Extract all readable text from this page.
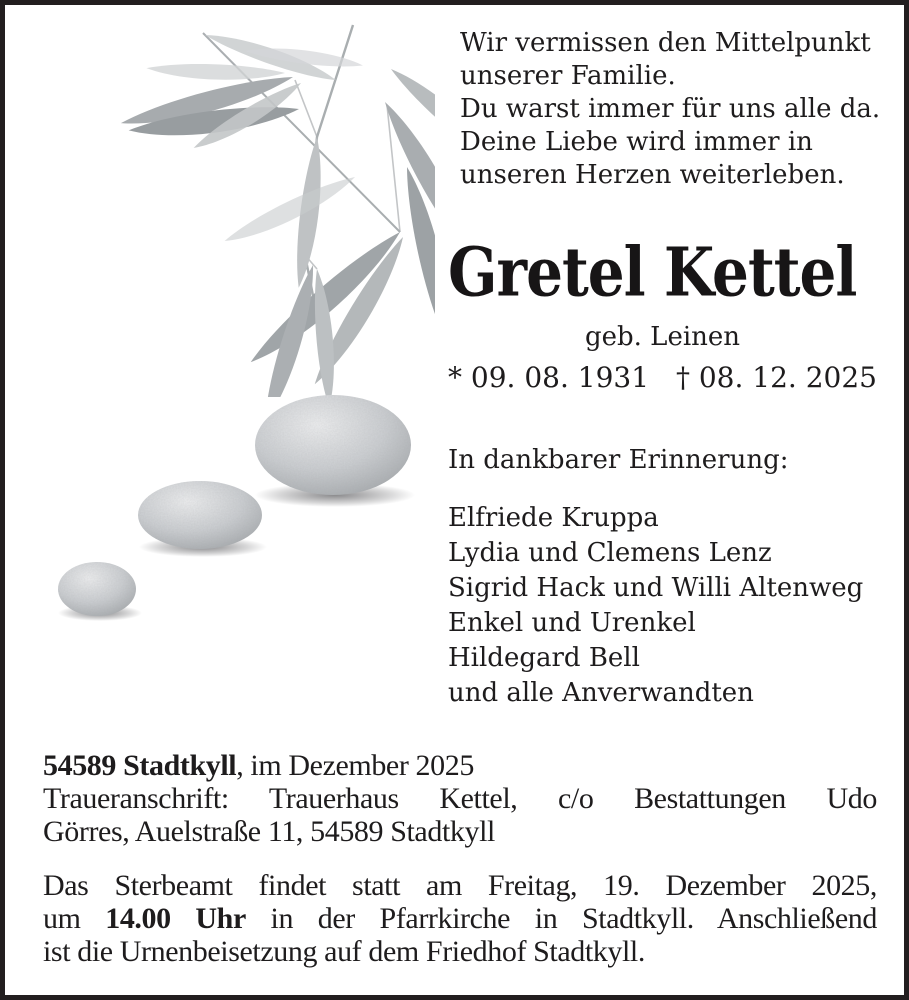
Wir vermissen den Mittelpunkt
unserer Familie.
Du warst immer für uns alle da.
Deine Liebe wird immer in
unseren Herzen weiterleben.
Gretel Kettel
geb. Leinen
* 09. 08. 1931 † 08. 12. 2025
In dankbarer Erinnerung:
Elfriede Kruppa
Lydia und Clemens Lenz
Sigrid Hack und Willi Altenweg
Enkel und Urenkel
Hildegard Bell
und alle Anverwandten
54589 Stadtkyll, im Dezember 2025
Traueranschrift: Trauerhaus Kettel, c/o Bestattungen Udo
Görres, Auelstraße 11, 54589 Stadtkyll
Das Sterbeamt findet statt am Freitag, 19. Dezember 2025,
um 14.00 Uhr in der Pfarrkirche in Stadtkyll. Anschließend
ist die Urnenbeisetzung auf dem Friedhof Stadtkyll.
